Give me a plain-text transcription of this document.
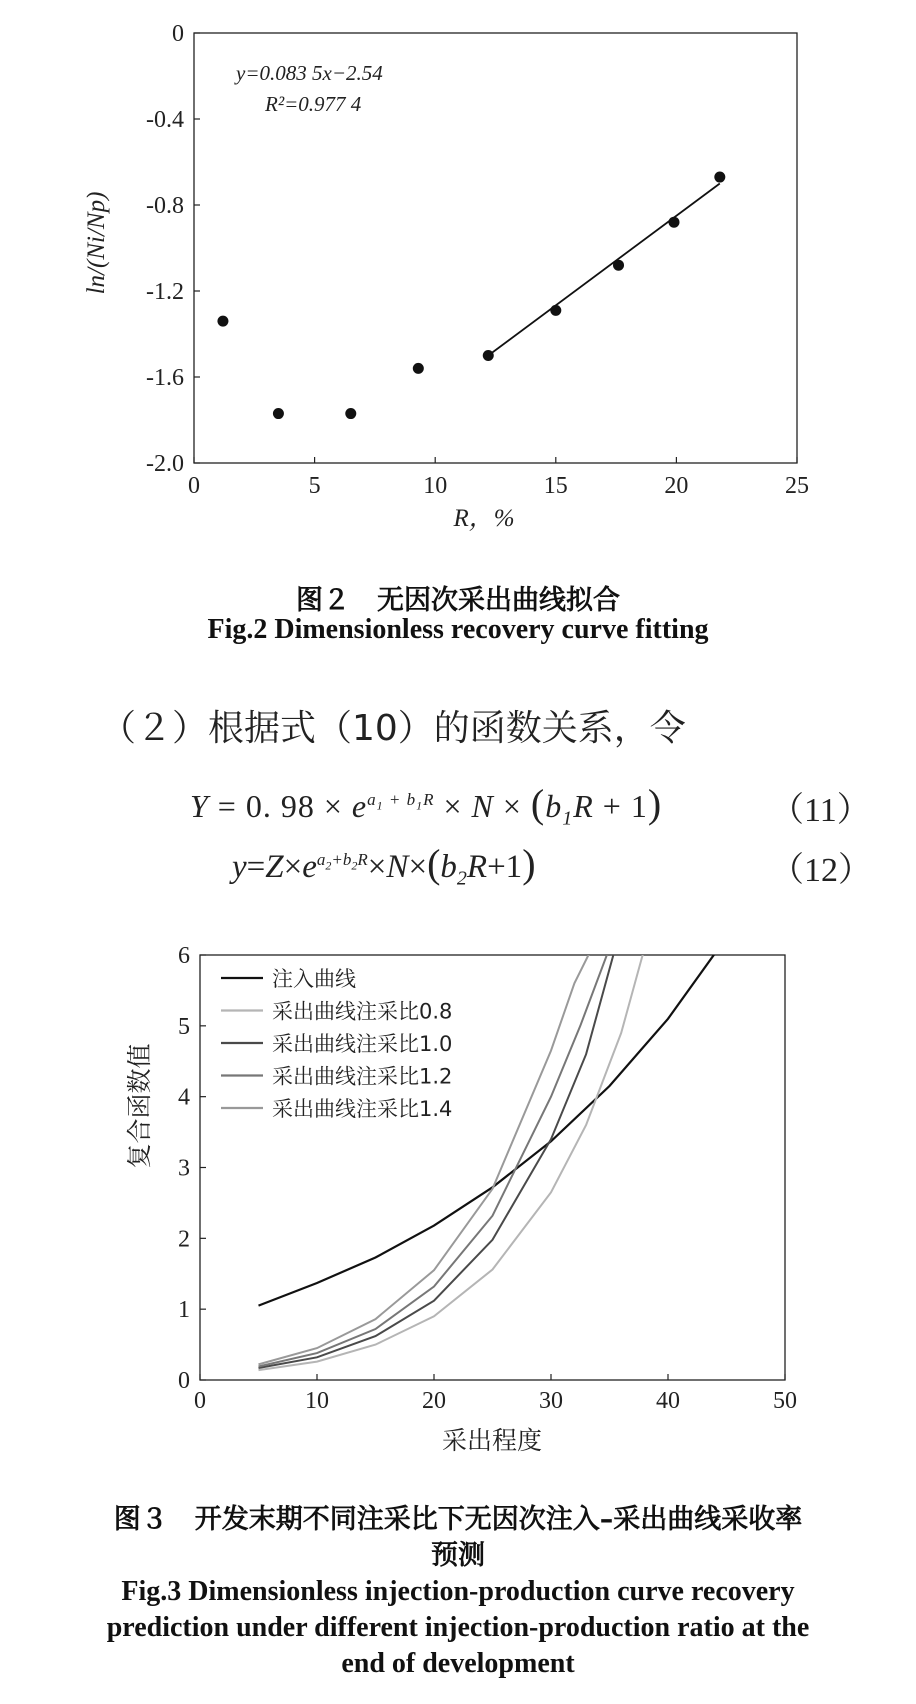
0	5	10	15	20	25
0
-0.4
-0.8
-1.2
-1.6
-2.0
y=0.083 5x−2.54
R²=0.977 4
R，%
ln/(Ni/Np)
图２　无因次采出曲线拟合
Fig.2 Dimensionless recovery curve fitting
（２）根据式（10）的函数关系，令
Y = 0. $98 \times e^{a_1 + b_1R} \times N \times (b_1R + 1)$	（11）
$y=Z\times e^{a_2+b_2R}\times N\times(b_2R+1)$	（12）
0	10	20	30	40	50
0
1
2
3
4
5
6
注入曲线
采出曲线注采比0.8
采出曲线注采比1.0
采出曲线注采比1.2
采出曲线注采比1.4
采出程度
复合函数值
图３　开发末期不同注采比下无因次注入–采出曲线采收率
预测
Fig.3 Dimensionless injection-production curve recovery
prediction under different injection-production ratio at the
end of development
